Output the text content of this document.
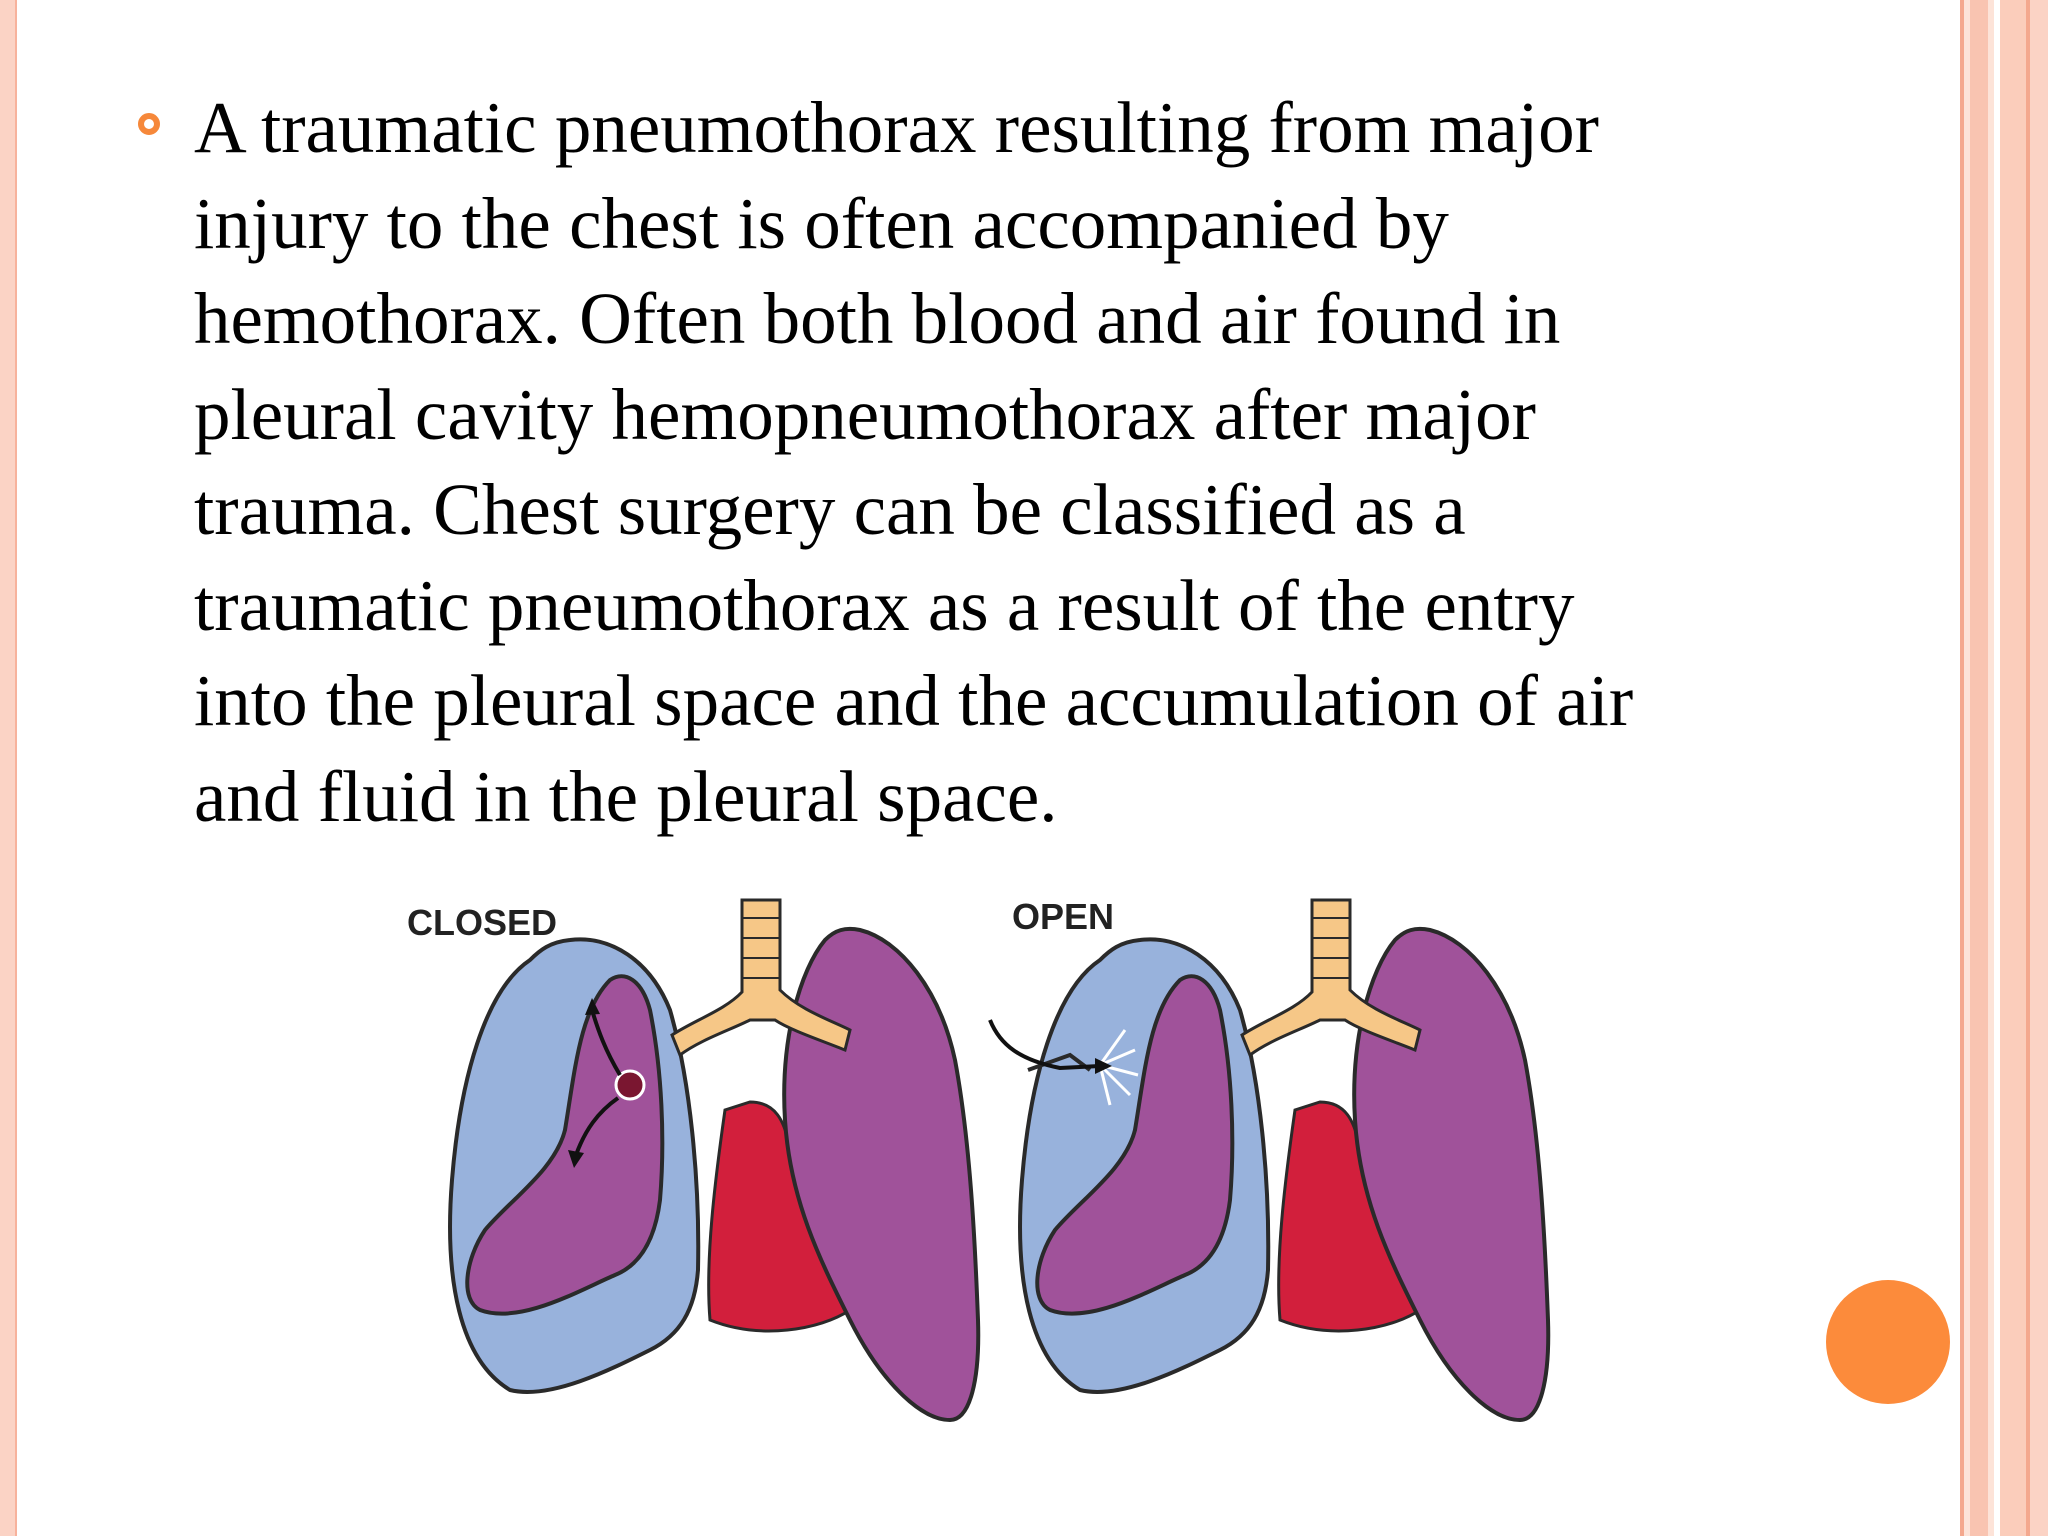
A traumatic pneumothorax resulting from major
injury to the chest is often accompanied by
hemothorax. Often both blood and air found in
pleural cavity hemopneumothorax after major
trauma. Chest surgery can be classified as a
traumatic pneumothorax as a result of the entry
into the pleural space and the accumulation of air
and fluid in the pleural space.

CLOSED	OPEN
